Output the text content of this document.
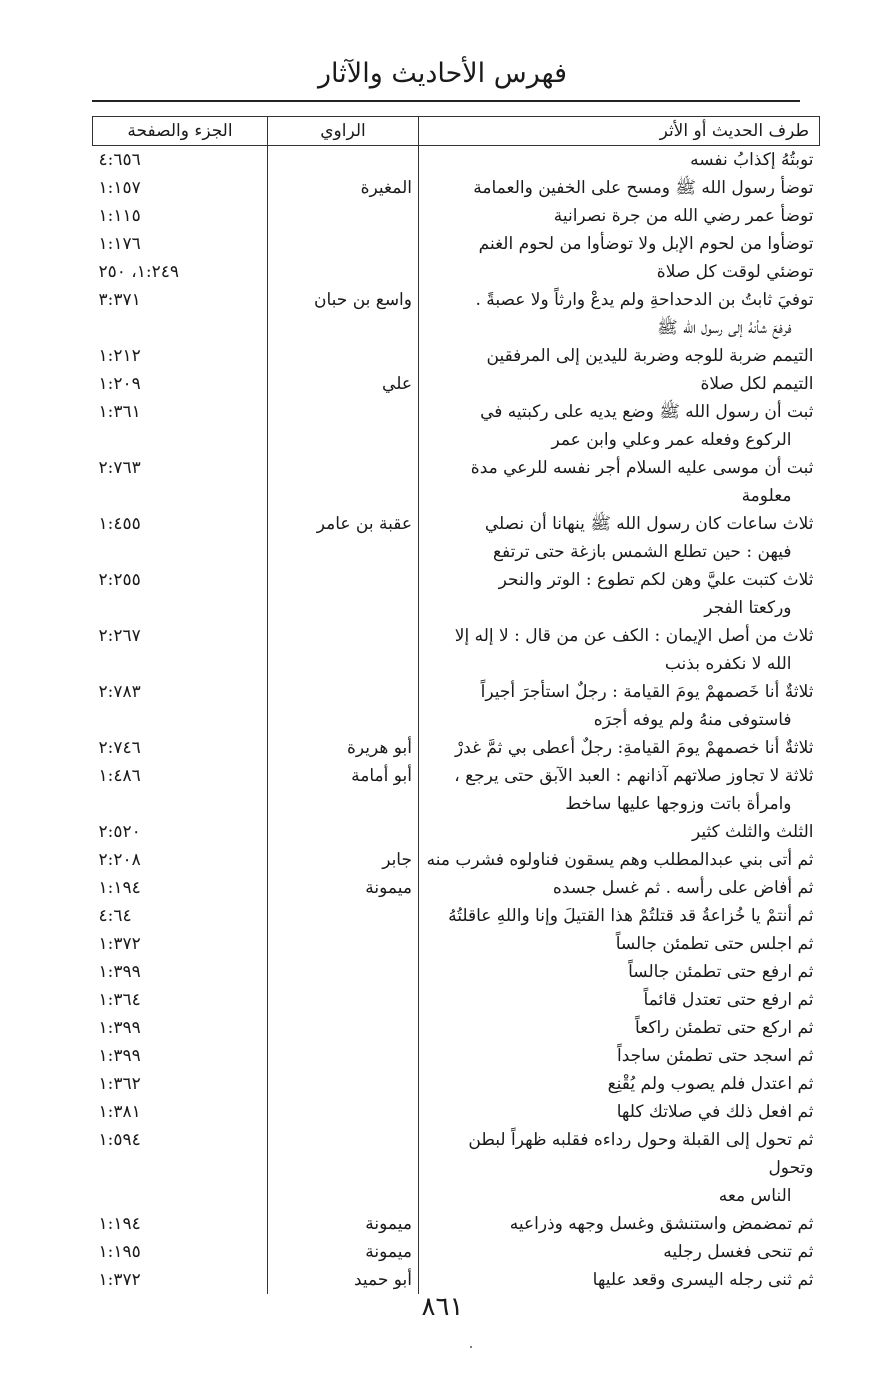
فهرس الأحاديث والآثار
طرف الحديث أو الأثر	الراوي	الجزء والصفحة
توبتُهُ إكذابُ نفسه		٤:٦٥٦

توضأ رسول الله ﷺ ومسح على الخفين والعمامة	المغيرة	١:١٥٧

توضأ عمر رضي الله من جرة نصرانية		١:١١٥

توضأوا من لحوم الإبل ولا توضأوا من لحوم الغنم		١:١٧٦

توضئي لوقت كل صلاة		١:٢٤٩، ٢٥٠

توفيَ ثابتُ بن الدحداحةِ ولم يدعْ وارثاً ولا عصبةً .
فرفعَ شأنهُ إلى رسول الله ﷺ	واسع بن حبان	٣:٣٧١

التيمم ضربة للوجه وضربة لليدين إلى المرفقين		١:٢١٢

التيمم لكل صلاة	علي	١:٢٠٩

ثبت أن رسول الله ﷺ وضع يديه على ركبتيه في
الركوع وفعله عمر وعلي وابن عمر		١:٣٦١

ثبت أن موسى عليه السلام أجر نفسه للرعي مدة
معلومة		٢:٧٦٣

ثلاث ساعات كان رسول الله ﷺ ينهانا أن نصلي
فيهن : حين تطلع الشمس بازغة حتى ترتفع	عقبة بن عامر	١:٤٥٥

ثلاث كتبت عليَّ وهن لكم تطوع : الوتر والنحر
وركعتا الفجر		٢:٢٥٥

ثلاث من أصل الإيمان : الكف عن من قال : لا إله إلا
الله لا نكفره بذنب		٢:٢٦٧

ثلاثةٌ أنا خَصمهمْ يومَ القيامة : رجلٌ استأجرَ أجيراً
فاستوفى منهُ ولم يوفه أجرَه		٢:٧٨٣

ثلاثةٌ أنا خصمهمْ يومَ القيامةِ: رجلٌ أعطى بي ثمَّ غدرْ	أبو هريرة	٢:٧٤٦

ثلاثة لا تجاوز صلاتهم آذانهم : العبد الآبق حتى يرجع ،
وامرأة باتت وزوجها عليها ساخط	أبو أمامة	١:٤٨٦

الثلث والثلث كثير		٢:٥٢٠

ثم أتى بني عبدالمطلب وهم يسقون فناولوه فشرب منه	جابر	٢:٢٠٨

ثم أفاض على رأسه . ثم غسل جسده	ميمونة	١:١٩٤

ثم أنتمْ يا خُزاعةُ قد قتلتُمْ هذا القتيلَ وإنا واللهِ عاقلتُهُ		٤:٦٤

ثم اجلس حتى تطمئن جالساً		١:٣٧٢

ثم ارفع حتى تطمئن جالساً		١:٣٩٩

ثم ارفع حتى تعتدل قائماً		١:٣٦٤

ثم اركع حتى تطمئن راكعاً		١:٣٩٩

ثم اسجد حتى تطمئن ساجداً		١:٣٩٩

ثم اعتدل فلم يصوب ولم يُقْنِع		١:٣٦٢

ثم افعل ذلك في صلاتك كلها		١:٣٨١

ثم تحول إلى القبلة وحول رداءه فقلبه ظهراً لبطن وتحول
الناس معه		١:٥٩٤

ثم تمضمض واستنشق وغسل وجهه وذراعيه	ميمونة	١:١٩٤

ثم تنحى فغسل رجليه	ميمونة	١:١٩٥

ثم ثنى رجله اليسرى وقعد عليها	أبو حميد	١:٣٧٢
٨٦١
